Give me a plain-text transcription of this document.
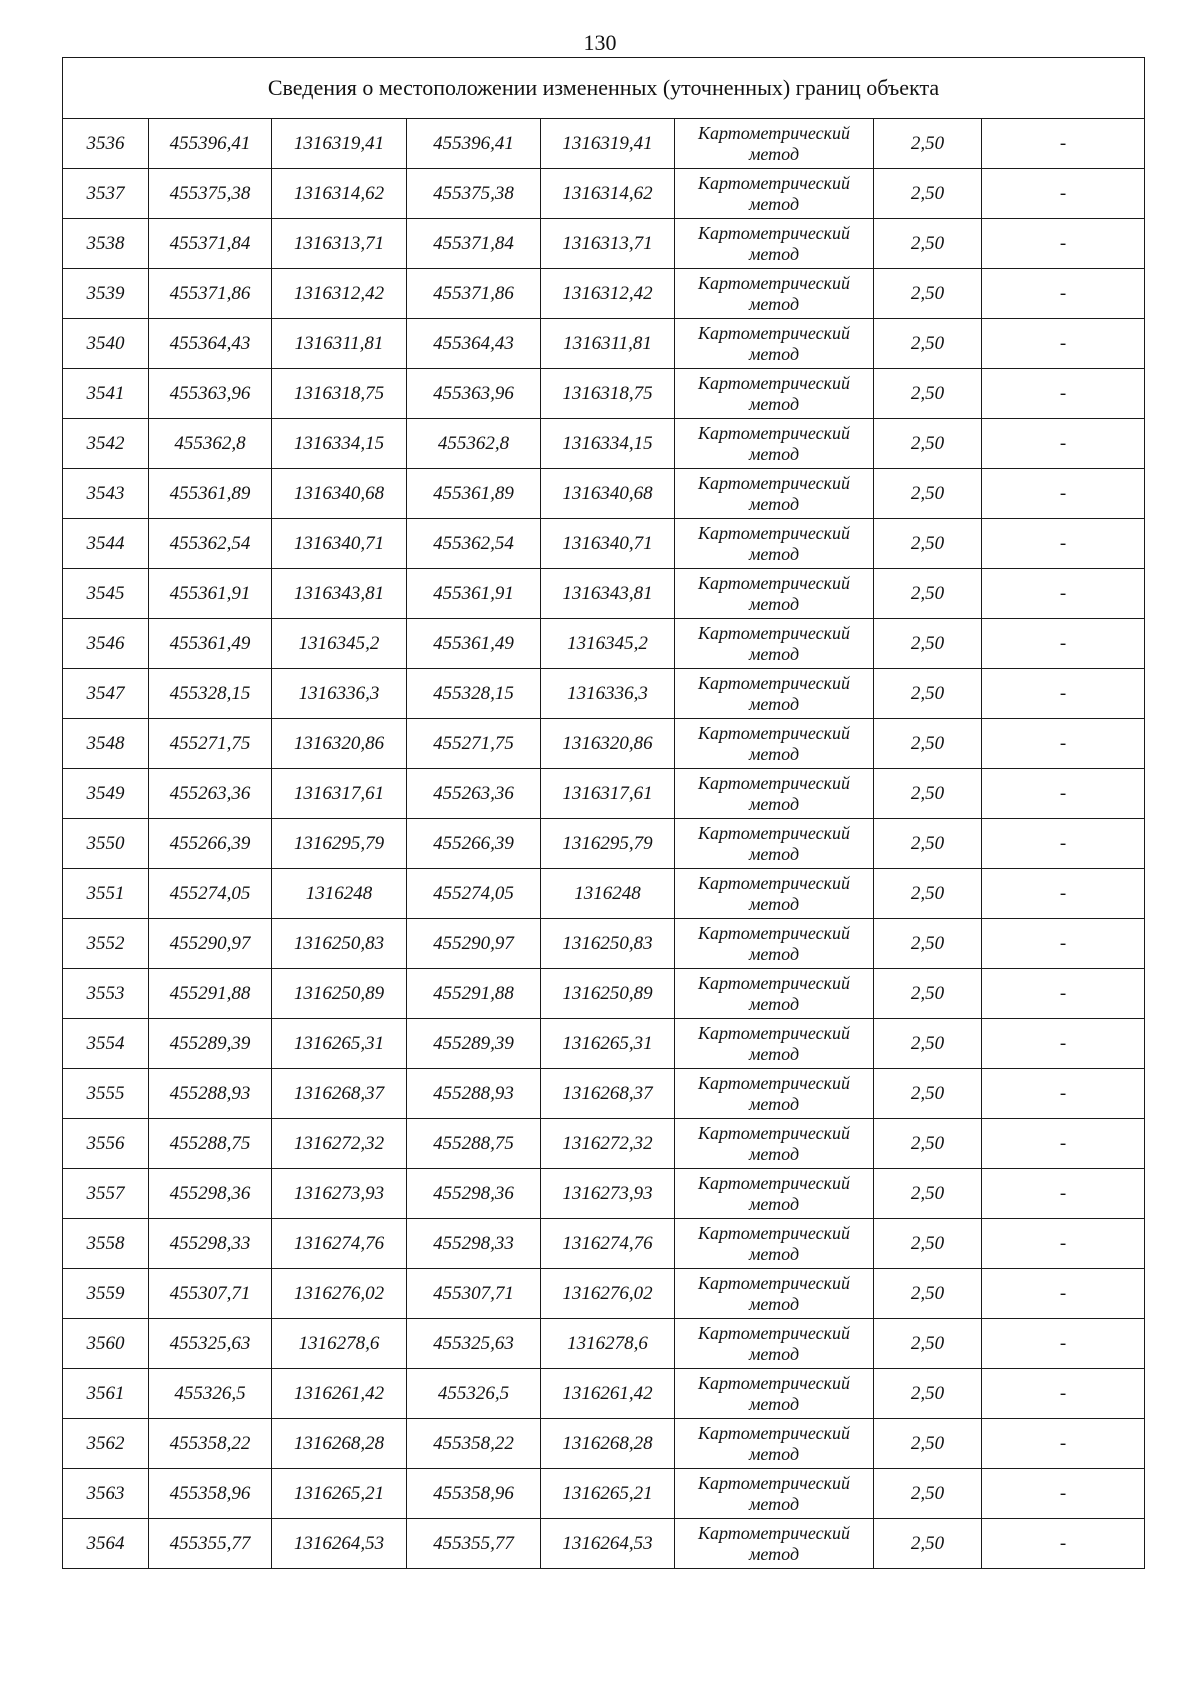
130
Сведения о местоположении измененных (уточненных) границ объекта							
3536	455396,41	1316319,41	455396,41	1316319,41	Картометрический метод	2,50	-
3537	455375,38	1316314,62	455375,38	1316314,62	Картометрический метод	2,50	-
3538	455371,84	1316313,71	455371,84	1316313,71	Картометрический метод	2,50	-
3539	455371,86	1316312,42	455371,86	1316312,42	Картометрический метод	2,50	-
3540	455364,43	1316311,81	455364,43	1316311,81	Картометрический метод	2,50	-
3541	455363,96	1316318,75	455363,96	1316318,75	Картометрический метод	2,50	-
3542	455362,8	1316334,15	455362,8	1316334,15	Картометрический метод	2,50	-
3543	455361,89	1316340,68	455361,89	1316340,68	Картометрический метод	2,50	-
3544	455362,54	1316340,71	455362,54	1316340,71	Картометрический метод	2,50	-
3545	455361,91	1316343,81	455361,91	1316343,81	Картометрический метод	2,50	-
3546	455361,49	1316345,2	455361,49	1316345,2	Картометрический метод	2,50	-
3547	455328,15	1316336,3	455328,15	1316336,3	Картометрический метод	2,50	-
3548	455271,75	1316320,86	455271,75	1316320,86	Картометрический метод	2,50	-
3549	455263,36	1316317,61	455263,36	1316317,61	Картометрический метод	2,50	-
3550	455266,39	1316295,79	455266,39	1316295,79	Картометрический метод	2,50	-
3551	455274,05	1316248	455274,05	1316248	Картометрический метод	2,50	-
3552	455290,97	1316250,83	455290,97	1316250,83	Картометрический метод	2,50	-
3553	455291,88	1316250,89	455291,88	1316250,89	Картометрический метод	2,50	-
3554	455289,39	1316265,31	455289,39	1316265,31	Картометрический метод	2,50	-
3555	455288,93	1316268,37	455288,93	1316268,37	Картометрический метод	2,50	-
3556	455288,75	1316272,32	455288,75	1316272,32	Картометрический метод	2,50	-
3557	455298,36	1316273,93	455298,36	1316273,93	Картометрический метод	2,50	-
3558	455298,33	1316274,76	455298,33	1316274,76	Картометрический метод	2,50	-
3559	455307,71	1316276,02	455307,71	1316276,02	Картометрический метод	2,50	-
3560	455325,63	1316278,6	455325,63	1316278,6	Картометрический метод	2,50	-
3561	455326,5	1316261,42	455326,5	1316261,42	Картометрический метод	2,50	-
3562	455358,22	1316268,28	455358,22	1316268,28	Картометрический метод	2,50	-
3563	455358,96	1316265,21	455358,96	1316265,21	Картометрический метод	2,50	-
3564	455355,77	1316264,53	455355,77	1316264,53	Картометрический метод	2,50	-
